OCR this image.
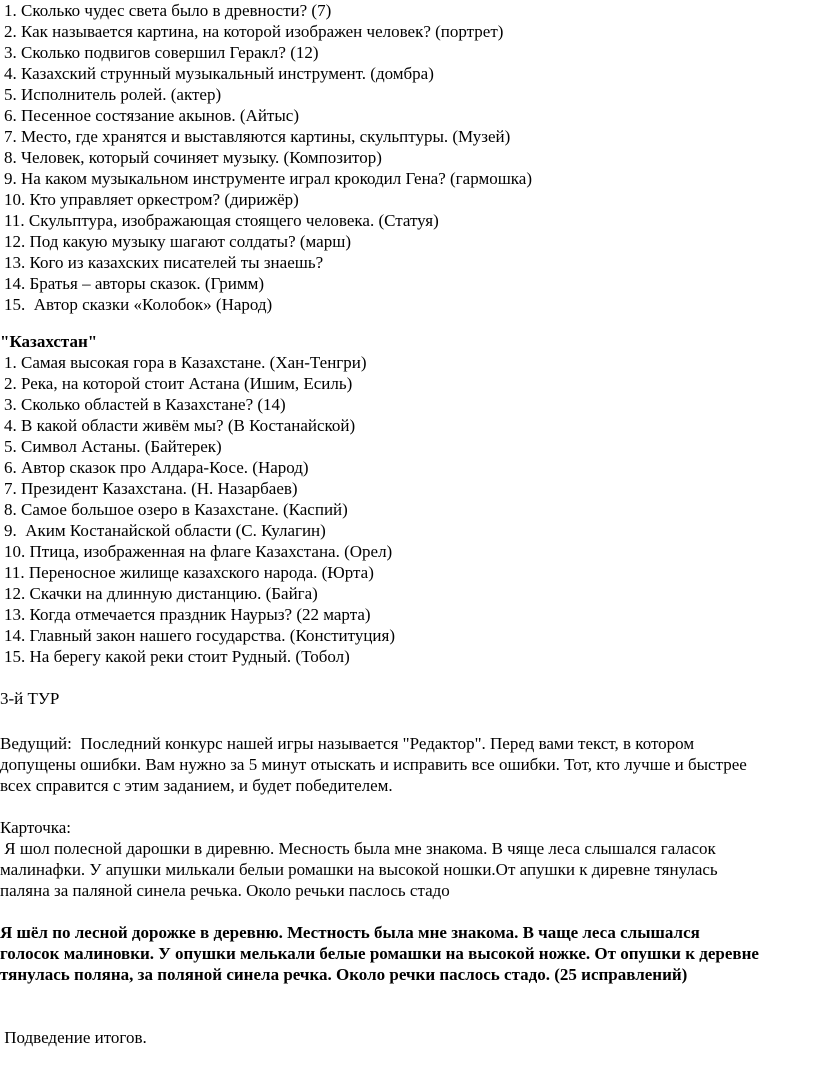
1. Сколько чудес света было в древности? (7)
2. Как называется картина, на которой изображен человек? (портрет)
3. Сколько подвигов совершил Геракл? (12)
4. Казахский струнный музыкальный инструмент. (домбра)
5. Исполнитель ролей. (актер)
6. Песенное состязание акынов. (Айтыс)
7. Место, где хранятся и выставляются картины, скульптуры. (Музей)
8. Человек, который сочиняет музыку. (Композитор)
9. На каком музыкальном инструменте играл крокодил Гена? (гармошка)
10. Кто управляет оркестром? (дирижёр)
11. Скульптура, изображающая стоящего человека. (Статуя)
12. Под какую музыку шагают солдаты? (марш)
13. Кого из казахских писателей ты знаешь?
14. Братья – авторы сказок. (Гримм)
15.  Автор сказки «Колобок» (Народ)
"Казахстан"
1. Самая высокая гора в Казахстане. (Хан-Тенгри)
2. Река, на которой стоит Астана (Ишим, Есиль)
3. Сколько областей в Казахстане? (14)
4. В какой области живём мы? (В Костанайской)
5. Символ Астаны. (Байтерек)
6. Автор сказок про Алдара-Косе. (Народ)
7. Президент Казахстана. (Н. Назарбаев)
8. Самое большое озеро в Казахстане. (Каспий)
9.  Аким Костанайской области (С. Кулагин)
10. Птица, изображенная на флаге Казахстана. (Орел)
11. Переносное жилище казахского народа. (Юрта)
12. Скачки на длинную дистанцию. (Байга)
13. Когда отмечается праздник Наурыз? (22 марта)
14. Главный закон нашего государства. (Конституция)
15. На берегу какой реки стоит Рудный. (Тобол)
3-й ТУР
Ведущий:  Последний конкурс нашей игры называется "Редактор". Перед вами текст, в котором
допущены ошибки. Вам нужно за 5 минут отыскать и исправить все ошибки. Тот, кто лучше и быстрее
всех справится с этим заданием, и будет победителем.
Карточка:
Я шол полесной дарошки в диревню. Месность была мне знакома. В чяще леса слышался галасок
малинафки. У апушки милькали белыи ромашки на высокой ношки.От апушки к диревне тянулась
паляна за паляной синела речька. Около речьки паслось стадо
Я шёл по лесной дорожке в деревню. Местность была мне знакома. В чаще леса слышался
голосок малиновки. У опушки мелькали белые ромашки на высокой ножке. От опушки к деревне
тянулась поляна, за поляной синела речка. Около речки паслось стадо. (25 исправлений)
Подведение итогов.
